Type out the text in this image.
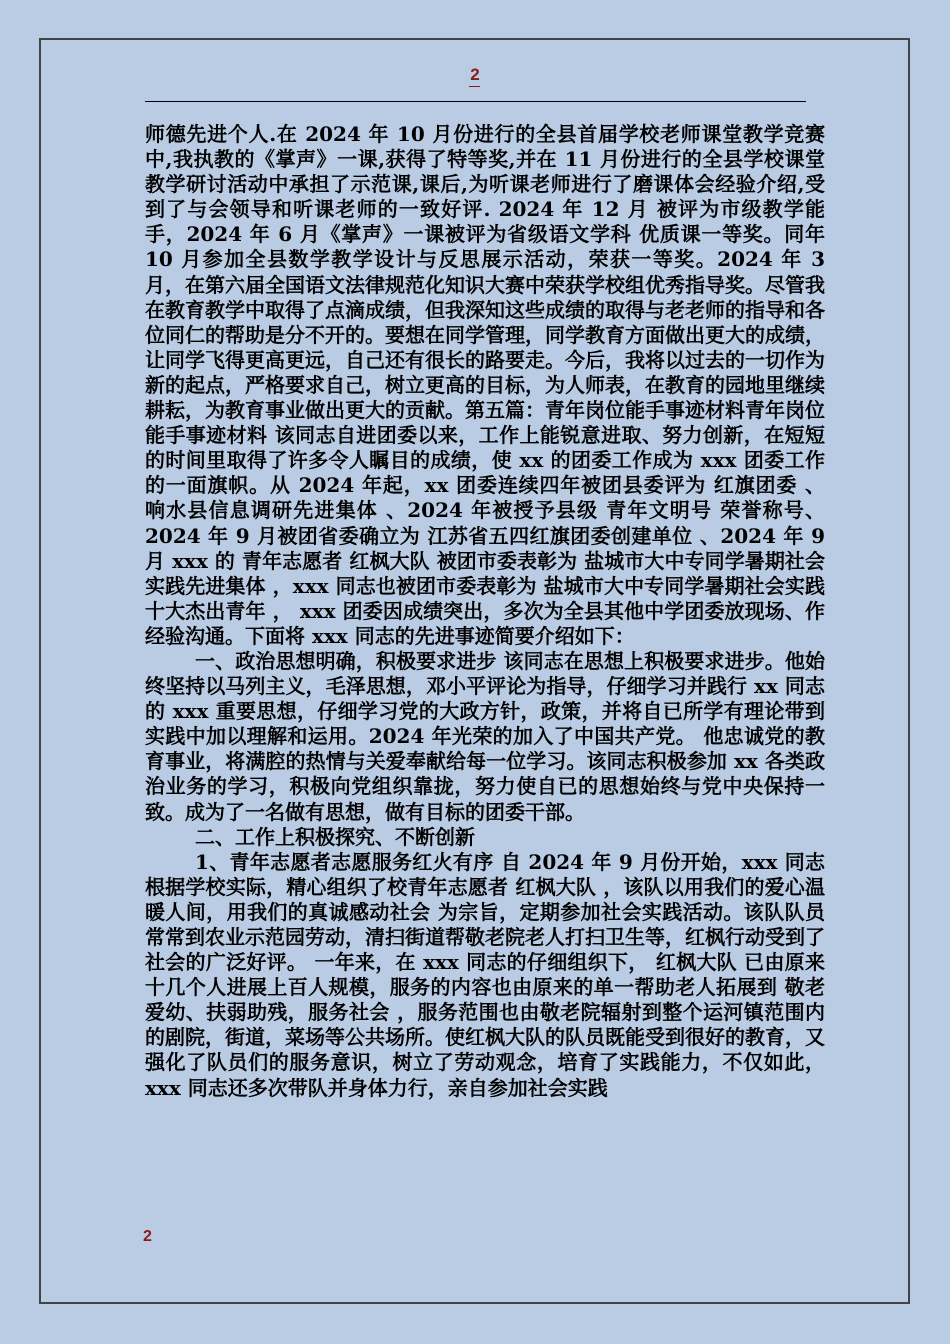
2

师德先进个人.在 2024 年 10 月份进行的全县首届学校老师课堂教学竞赛中,我执教的《掌声》一课,获得了特等奖,并在 11 月份进行的全县学校课堂教学研讨活动中承担了示范课,课后,为听课老师进行了磨课体会经验介绍,受到了与会领导和听课老师的一致好评. 2024 年 12 月 被评为市级教学能手，2024 年 6 月《掌声》一课被评为省级语文学科 优质课一等奖。同年 10 月参加全县数学教学设计与反思展示活动，荣获一等奖。2024 年 3 月，在第六届全国语文法律规范化知识大赛中荣获学校组优秀指导奖。尽管我在教育教学中取得了点滴成绩，但我深知这些成绩的取得与老老师的指导和各位同仁的帮助是分不开的。要想在同学管理，同学教育方面做出更大的成绩，让同学飞得更高更远，自己还有很长的路要走。今后，我将以过去的一切作为新的起点，严格要求自己，树立更高的目标，为人师表，在教育的园地里继续耕耘，为教育事业做出更大的贡献。第五篇：青年岗位能手事迹材料青年岗位能手事迹材料 该同志自进团委以来，工作上能锐意进取、努力创新，在短短的时间里取得了许多令人瞩目的成绩，使 xx 的团委工作成为 xxx 团委工作的一面旗帜。从 2024 年起，xx 团委连续四年被团县委评为 红旗团委 、 响水县信息调研先进集体 、2024 年被授予县级 青年文明号 荣誉称号、2024 年 9 月被团省委确立为 江苏省五四红旗团委创建单位 、2024 年 9 月 xxx 的 青年志愿者 红枫大队 被团市委表彰为 盐城市大中专同学暑期社会实践先进集体 ，xxx 同志也被团市委表彰为 盐城市大中专同学暑期社会实践十大杰出青年 ， xxx 团委因成绩突出，多次为全县其他中学团委放现场、作经验沟通。下面将 xxx 同志的先进事迹简要介绍如下：

一、政治思想明确，积极要求进步 该同志在思想上积极要求进步。他始终坚持以马列主义，毛泽思想，邓小平评论为指导，仔细学习并践行 xx 同志的 xxx 重要思想，仔细学习党的大政方针，政策，并将自已所学有理论带到实践中加以理解和运用。2024 年光荣的加入了中国共产党。 他忠诚党的教育事业，将满腔的热情与关爱奉献给每一位学习。该同志积极参加 xx 各类政治业务的学习，积极向党组织靠拢，努力使自已的思想始终与党中央保持一致。成为了一名做有思想，做有目标的团委干部。

二、工作上积极探究、不断创新

1、青年志愿者志愿服务红火有序 自 2024 年 9 月份开始，xxx 同志根据学校实际，精心组织了校青年志愿者 红枫大队 ，该队以用我们的爱心温暖人间，用我们的真诚感动社会 为宗旨，定期参加社会实践活动。该队队员常常到农业示范园劳动，清扫街道帮敬老院老人打扫卫生等，红枫行动受到了社会的广泛好评。 一年来，在 xxx 同志的仔细组织下， 红枫大队 已由原来十几个人进展上百人规模，服务的内容也由原来的单一帮助老人拓展到 敬老爱幼、扶弱助残，服务社会 ，服务范围也由敬老院辐射到整个运河镇范围内的剧院，街道，菜场等公共场所。使红枫大队的队员既能受到很好的教育，又强化了队员们的服务意识，树立了劳动观念，培育了实践能力，不仅如此，xxx 同志还多次带队并身体力行，亲自参加社会实践

2
